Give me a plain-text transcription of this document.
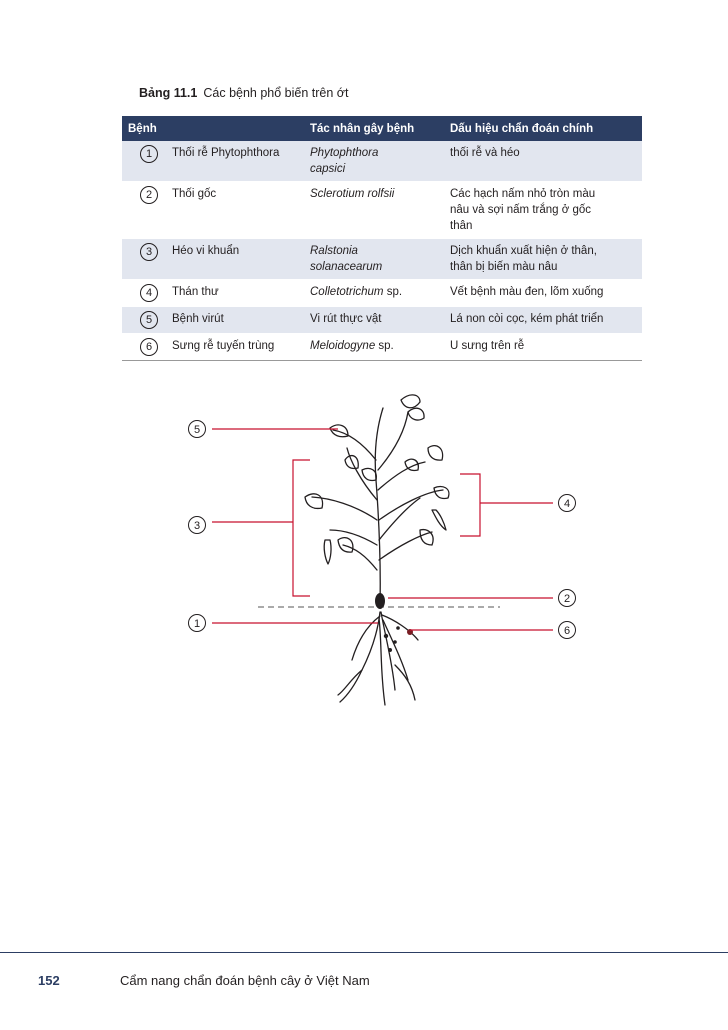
Bảng 11.1 Các bệnh phổ biến trên ớt
Bệnh	Tác nhân gây bệnh	Dấu hiệu chẩn đoán chính
1 Thối rễ Phytophthora	Phytophthora capsici	thối rễ và héo
2 Thối gốc	Sclerotium rolfsii	Các hạch nấm nhỏ tròn màu nâu và sợi nấm trắng ở gốc thân
3 Héo vi khuẩn	Ralstonia solanacearum	Dịch khuẩn xuất hiện ở thân, thân bị biến màu nâu
4 Thán thư	Colletotrichum sp.	Vết bệnh màu đen, lõm xuống
5 Bệnh virút	Vi rút thực vật	Lá non còi cọc, kém phát triển
6 Sưng rễ tuyến trùng	Meloidogyne sp.	U sưng trên rễ
5
3
1
4
2
6
152	Cẩm nang chẩn đoán bệnh cây ở Việt Nam
